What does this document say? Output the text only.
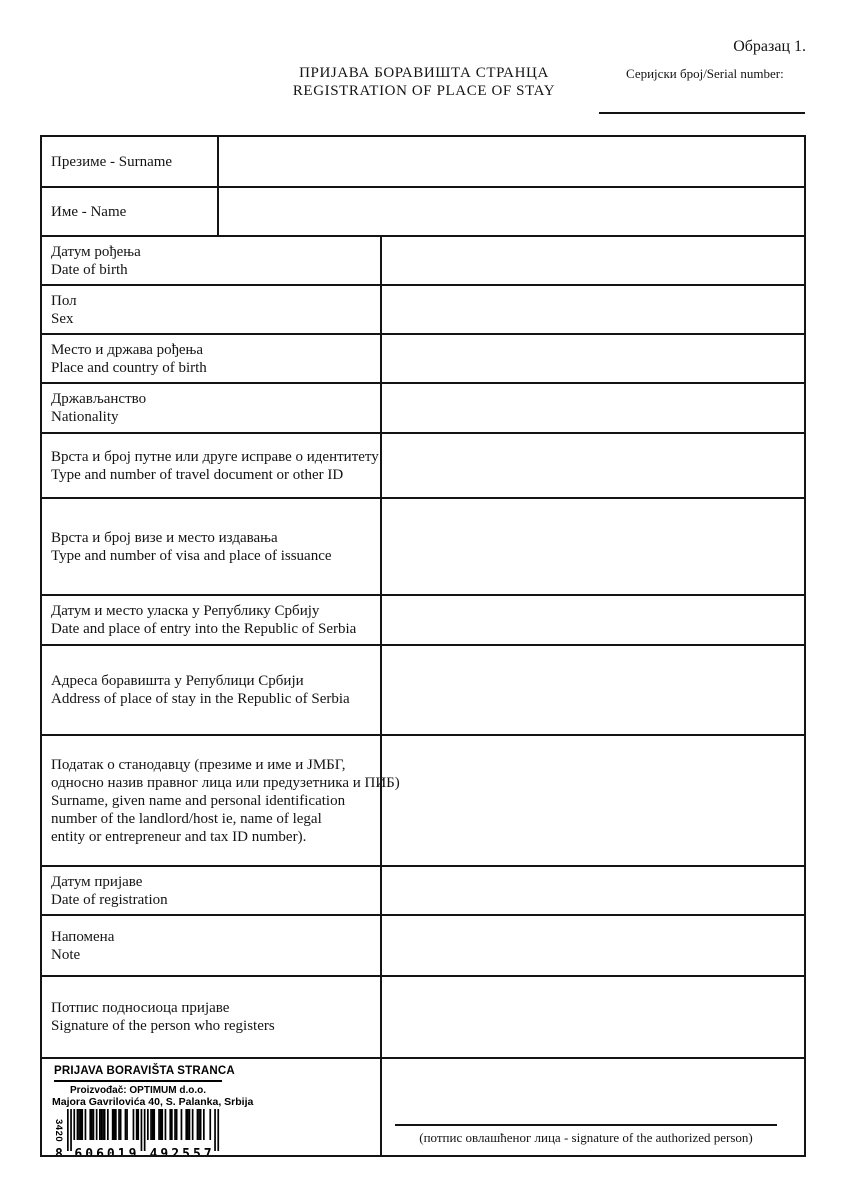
Образац 1.
ПРИЈАВА БОРАВИШТА СТРАНЦА
REGISTRATION OF PLACE OF STAY
Серијски број/Serial number:
Презиме - Surname
Име - Name
Датум рођења
Date of birth
Пол
Sex
Место и држава рођења
Place and country of birth
Држављанство
Nationality
Врста и број путне или друге исправе о идентитету
Type and number of travel document or other ID
Врста и број визе и место издавања
Type and number of visa and place of issuance
Датум и место уласка у Републику Србију
Date and place of entry into the Republic of Serbia
Адреса боравишта у Републици Србији
Address of place of stay in the Republic of Serbia
Податак о станодавцу (презиме и име и ЈМБГ,
односно назив правног лица или предузетника и ПИБ)
Surname, given name and personal identification
number of the landlord/host ie, name of legal
entity or entrepreneur and tax ID number).
Датум пријаве
Date of registration
Напомена
Note
Потпис подносиоца пријаве
Signature of the person who registers
PRIJAVA BORAVIŠTA STRANCA
Proizvođač: OPTIMUM d.o.o.
Majora Gavrilovića 40, S. Palanka, Srbija
3420
8 606019 492557
(потпис овлашћеног лица - signature of the authorized person)
